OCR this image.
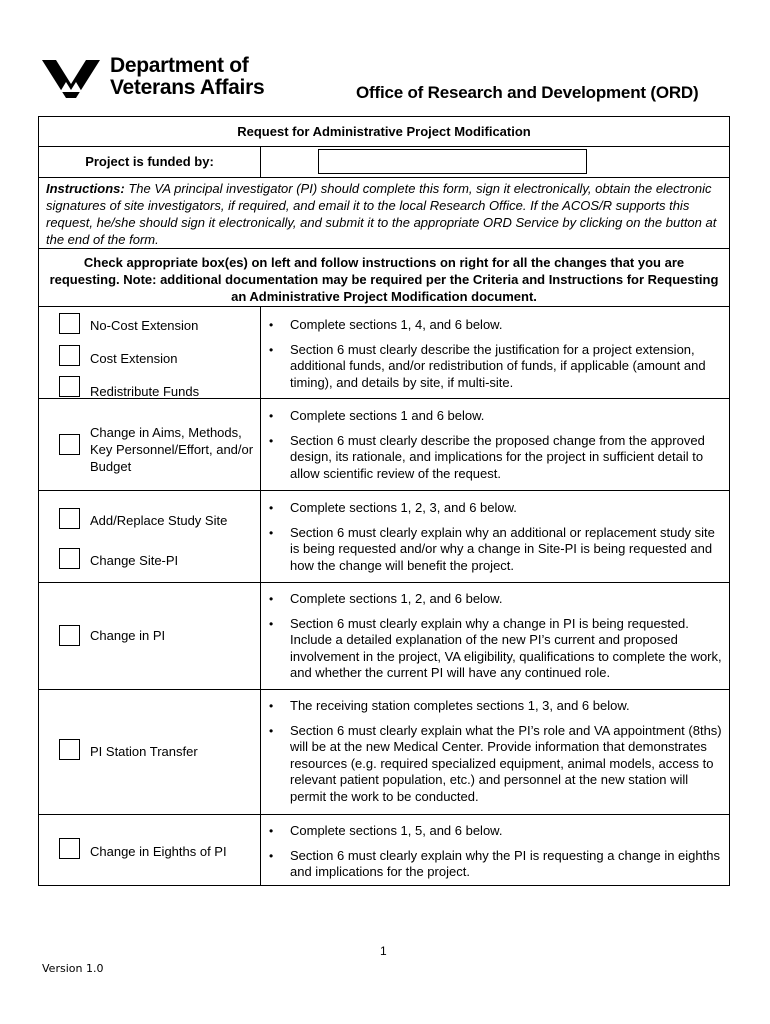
Department of
Veterans Affairs	Office of Research and Development (ORD)
Request for Administrative Project Modification
Project is funded by:
Instructions: The VA principal investigator (PI) should complete this form, sign it electronically, obtain the electronic signatures of site investigators, if required, and email it to the local Research Office. If the ACOS/R supports this request, he/she should sign it electronically, and submit it to the appropriate ORD Service by clicking on the button at the end of the form.
Check appropriate box(es) on left and follow instructions on right for all the changes that you are requesting. Note: additional documentation may be required per the Criteria and Instructions for Requesting an Administrative Project Modification document.
No-Cost Extension
Cost Extension
Redistribute Funds
• Complete sections 1, 4, and 6 below.
• Section 6 must clearly describe the justification for a project extension, additional funds, and/or redistribution of funds, if applicable (amount and timing), and details by site, if multi-site.
Change in Aims, Methods, Key Personnel/Effort, and/or Budget
• Complete sections 1 and 6 below.
• Section 6 must clearly describe the proposed change from the approved design, its rationale, and implications for the project in sufficient detail to allow scientific review of the request.
Add/Replace Study Site
Change Site-PI
• Complete sections 1, 2, 3, and 6 below.
• Section 6 must clearly explain why an additional or replacement study site is being requested and/or why a change in Site-PI is being requested and how the change will benefit the project.
Change in PI
• Complete sections 1, 2, and 6 below.
• Section 6 must clearly explain why a change in PI is being requested. Include a detailed explanation of the new PI’s current and proposed involvement in the project, VA eligibility, qualifications to complete the work, and whether the current PI will have any continued role.
PI Station Transfer
• The receiving station completes sections 1, 3, and 6 below.
• Section 6 must clearly explain what the PI’s role and VA appointment (8ths) will be at the new Medical Center. Provide information that demonstrates resources (e.g. required specialized equipment, animal models, access to relevant patient population, etc.) and personnel at the new station will permit the work to be conducted.
Change in Eighths of PI
• Complete sections 1, 5, and 6 below.
• Section 6 must clearly explain why the PI is requesting a change in eighths and implications for the project.
1
Version 1.0
